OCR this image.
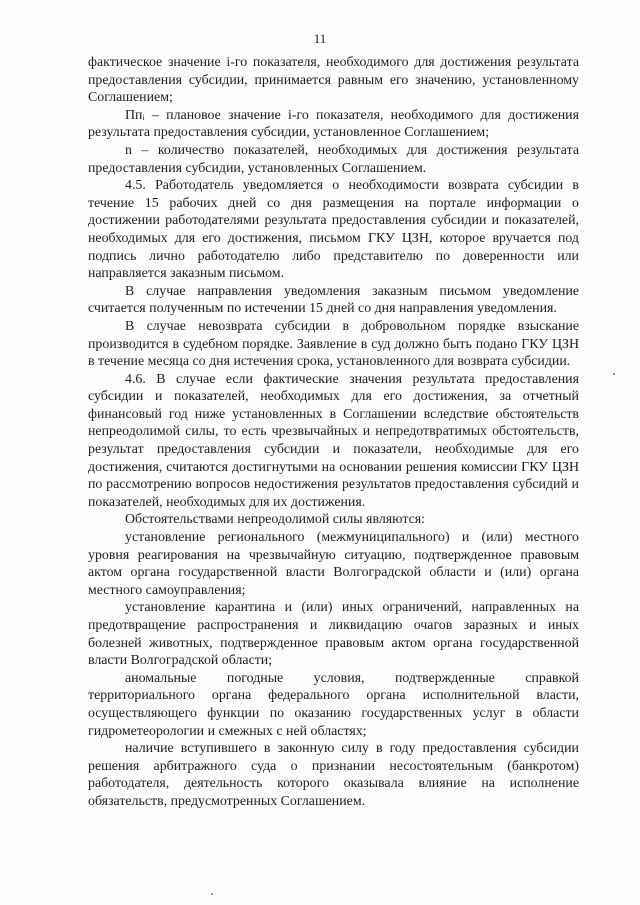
11

фактическое значение i-го показателя, необходимого для достижения результата предоставления субсидии, принимается равным его значению, установленному Соглашением;

Ппᵢ – плановое значение i-го показателя, необходимого для достижения результата предоставления субсидии, установленное Соглашением;

n – количество показателей, необходимых для достижения результата предоставления субсидии, установленных Соглашением.

4.5. Работодатель уведомляется о необходимости возврата субсидии в течение 15 рабочих дней со дня размещения на портале информации о достижении работодателями результата предоставления субсидии и показателей, необходимых для его достижения, письмом ГКУ ЦЗН, которое вручается под подпись лично работодателю либо представителю по доверенности или направляется заказным письмом.

В случае направления уведомления заказным письмом уведомление считается полученным по истечении 15 дней со дня направления уведомления.

В случае невозврата субсидии в добровольном порядке взыскание производится в судебном порядке. Заявление в суд должно быть подано ГКУ ЦЗН в течение месяца со дня истечения срока, установленного для возврата субсидии.

4.6. В случае если фактические значения результата предоставления субсидии и показателей, необходимых для его достижения, за отчетный финансовый год ниже установленных в Соглашении вследствие обстоятельств непреодолимой силы, то есть чрезвычайных и непредотвратимых обстоятельств, результат предоставления субсидии и показатели, необходимые для его достижения, считаются достигнутыми на основании решения комиссии ГКУ ЦЗН по рассмотрению вопросов недостижения результатов предоставления субсидий и показателей, необходимых для их достижения.

Обстоятельствами непреодолимой силы являются:

установление регионального (межмуниципального) и (или) местного уровня реагирования на чрезвычайную ситуацию, подтвержденное правовым актом органа государственной власти Волгоградской области и (или) органа местного самоуправления;

установление карантина и (или) иных ограничений, направленных на предотвращение распространения и ликвидацию очагов заразных и иных болезней животных, подтвержденное правовым актом органа государственной власти Волгоградской области;

аномальные погодные условия, подтвержденные справкой территориального органа федерального органа исполнительной власти, осуществляющего функции по оказанию государственных услуг в области гидрометеорологии и смежных с ней областях;

наличие вступившего в законную силу в году предоставления субсидии решения арбитражного суда о признании несостоятельным (банкротом) работодателя, деятельность которого оказывала влияние на исполнение обязательств, предусмотренных Соглашением.
